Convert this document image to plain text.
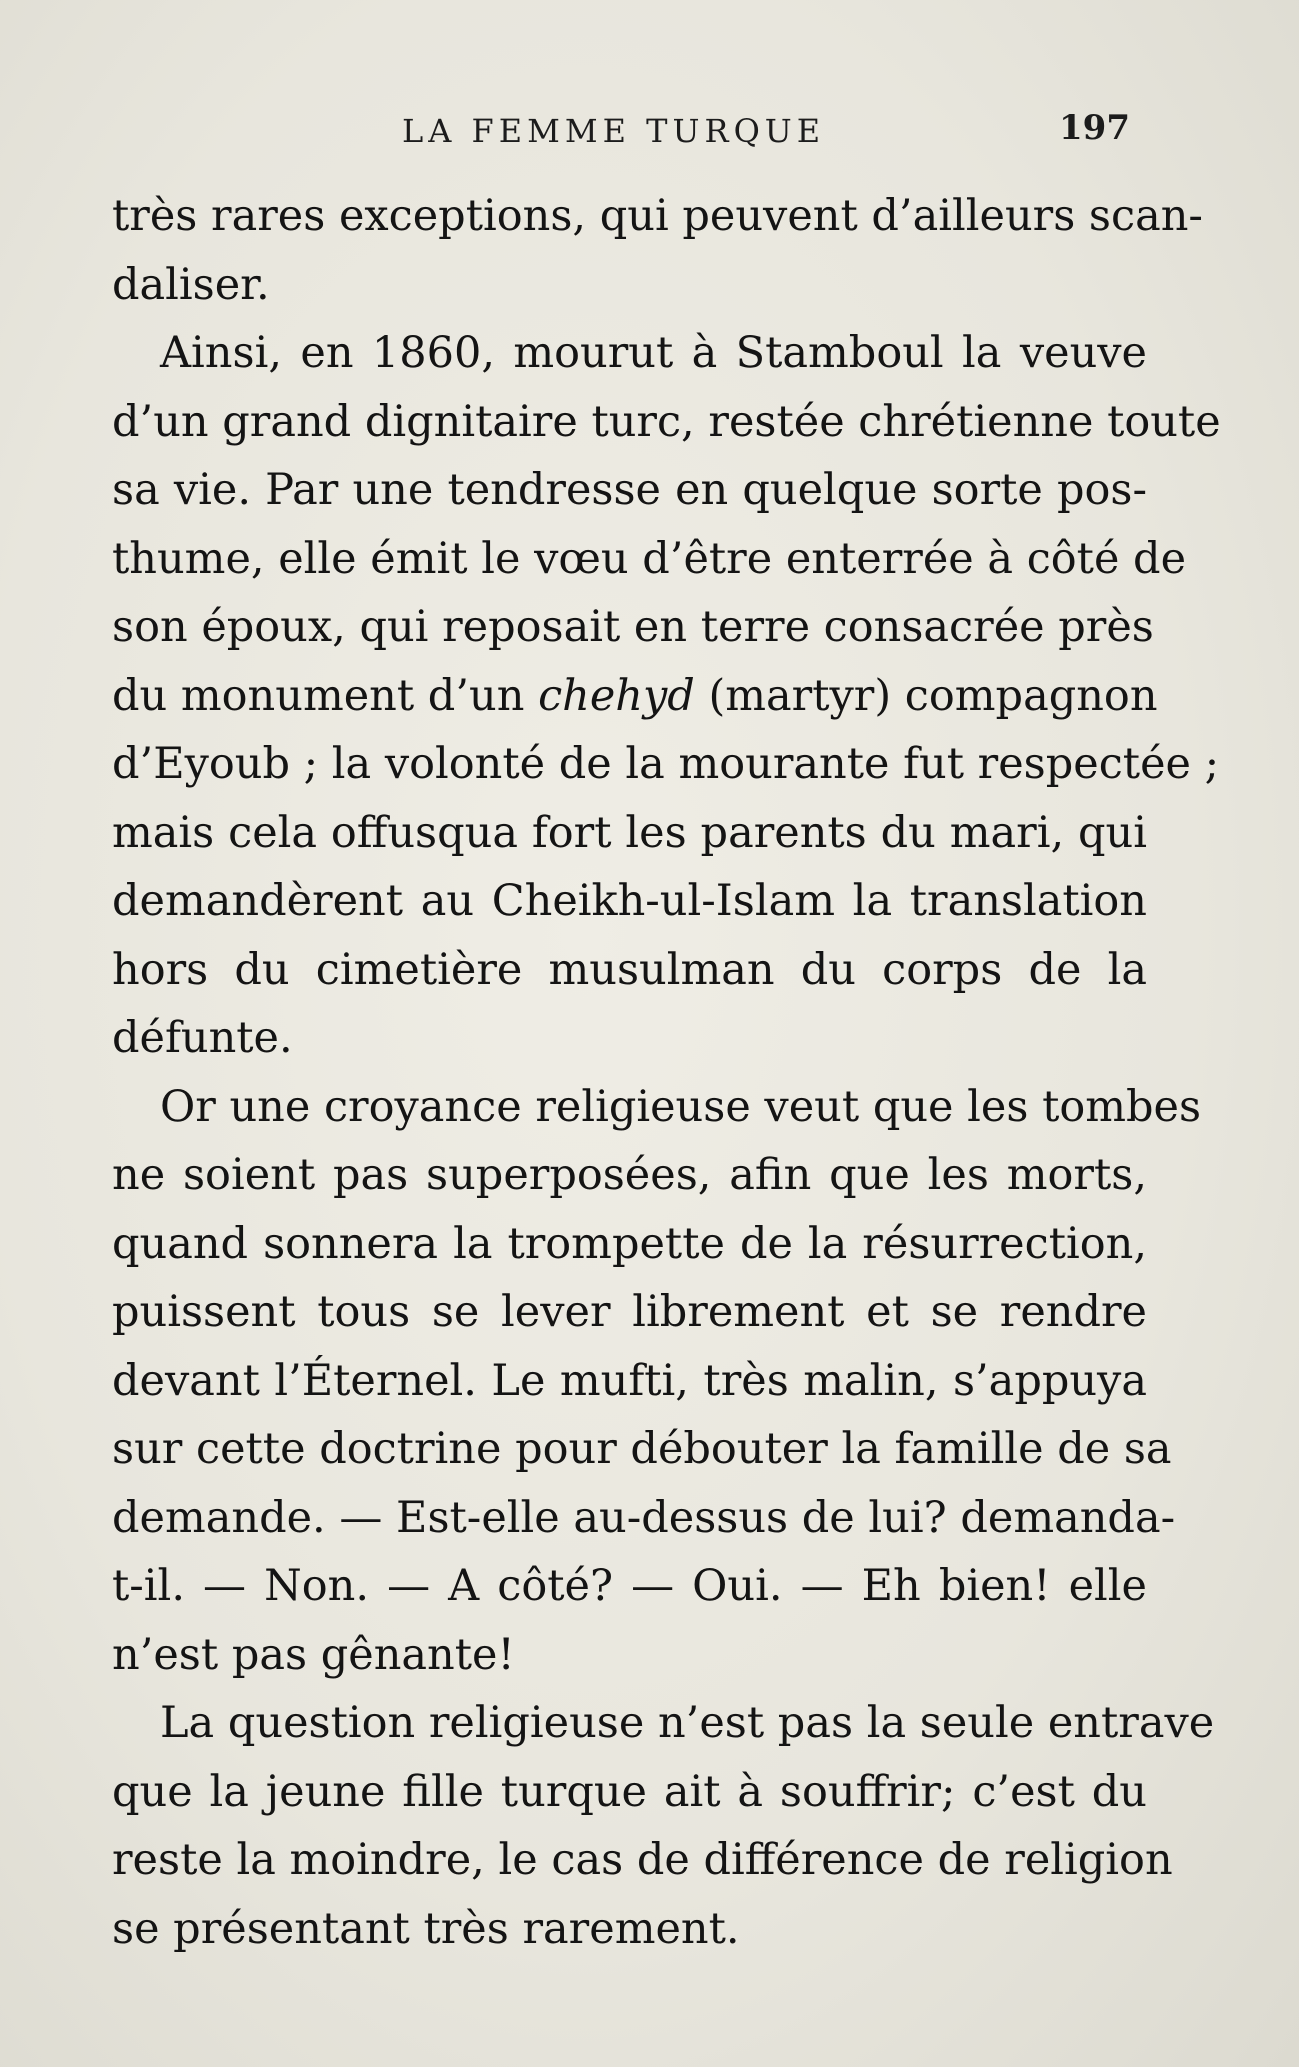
LA FEMME TURQUE	197

très rares exceptions, qui peuvent d’ailleurs scan-
daliser.

Ainsi, en 1860, mourut à Stamboul la veuve
d’un grand dignitaire turc, restée chrétienne toute
sa vie. Par une tendresse en quelque sorte pos-
thume, elle émit le vœu d’être enterrée à côté de
son époux, qui reposait en terre consacrée près
du monument d’un chehyd (martyr) compagnon
d’Eyoub ; la volonté de la mourante fut respectée ;
mais cela offusqua fort les parents du mari, qui
demandèrent au Cheikh-ul-Islam la translation
hors du cimetière musulman du corps de la
défunte.

Or une croyance religieuse veut que les tombes
ne soient pas superposées, afin que les morts,
quand sonnera la trompette de la résurrection,
puissent tous se lever librement et se rendre
devant l’Éternel. Le mufti, très malin, s’appuya
sur cette doctrine pour débouter la famille de sa
demande. — Est-elle au-dessus de lui? demanda-
t-il. — Non. — A côté? — Oui. — Eh bien! elle
n’est pas gênante!

La question religieuse n’est pas la seule entrave
que la jeune fille turque ait à souffrir; c’est du
reste la moindre, le cas de différence de religion
se présentant très rarement.
